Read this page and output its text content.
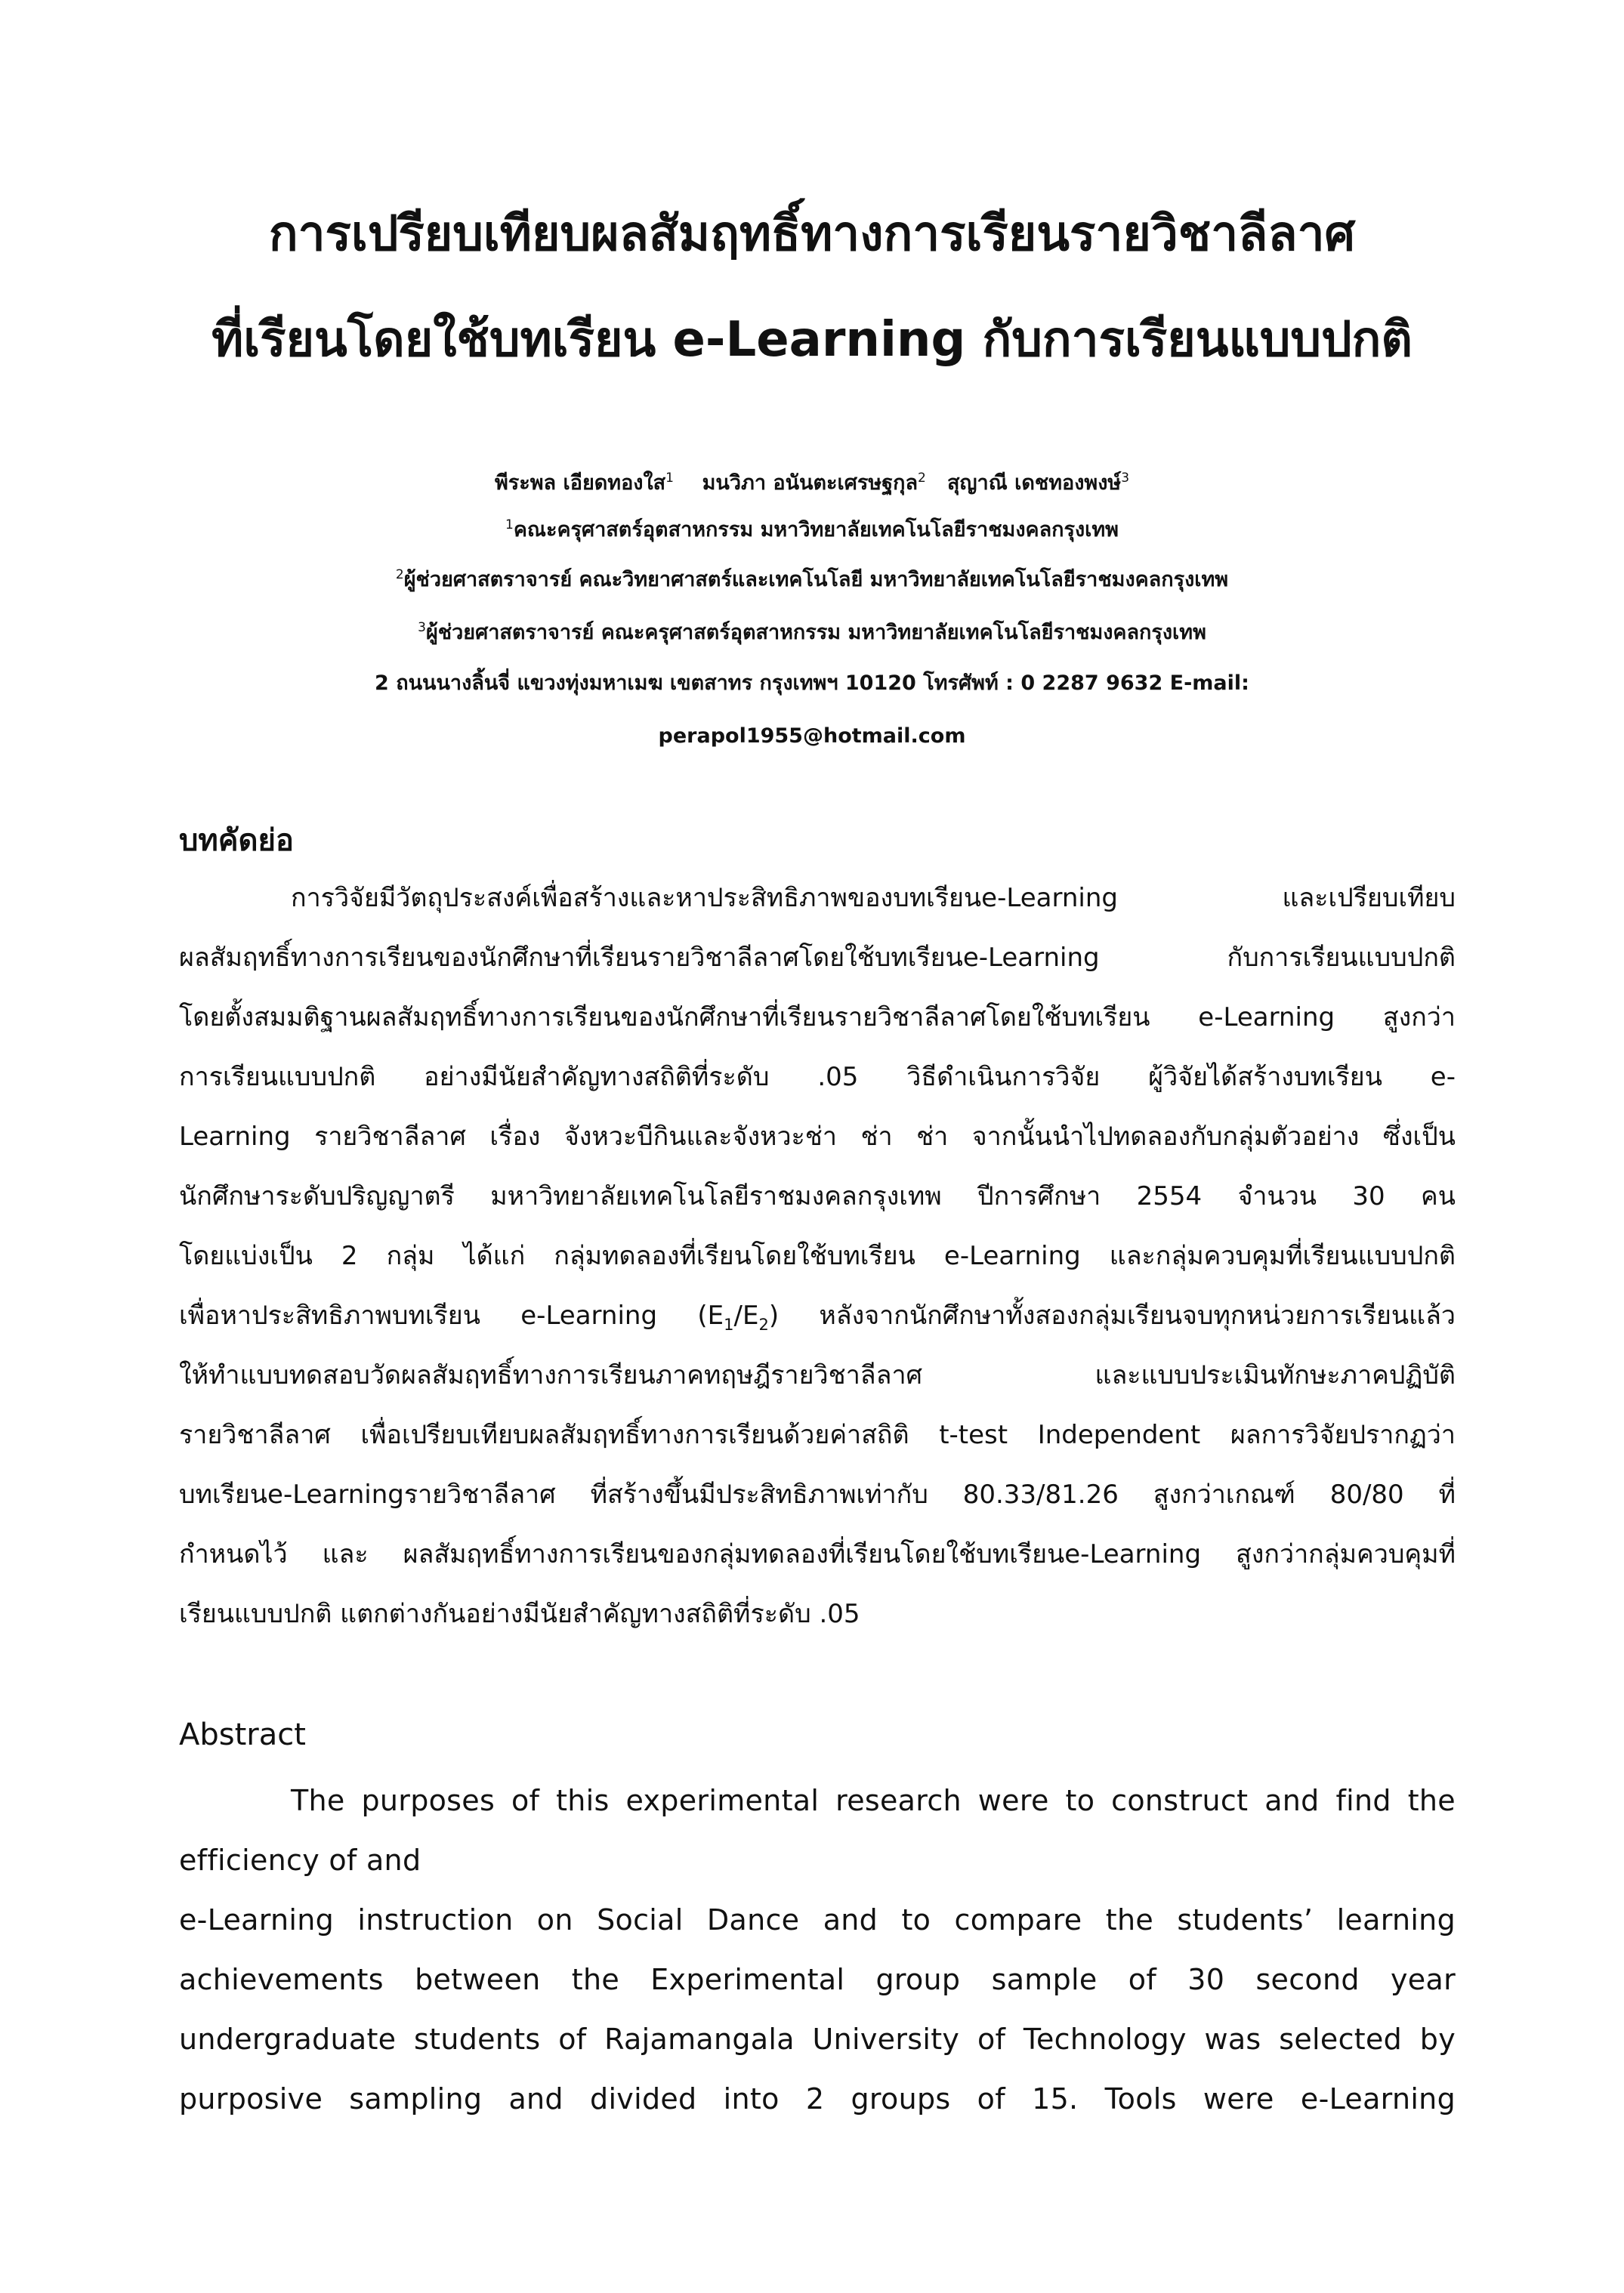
การเปรียบเทียบผลสัมฤทธิ์ทางการเรียนรายวิชาลีลาศ
ที่เรียนโดยใช้บทเรียน e-Learning กับการเรียนแบบปกติ
พีระพล เอียดทองใส$^1$ มนวิภา อนันตะเศรษฐกุล$^2$ สุญาณี เดชทองพงษ์$^3$
$^1$คณะครุศาสตร์อุตสาหกรรม มหาวิทยาลัยเทคโนโลยีราชมงคลกรุงเทพ
$^2$ผู้ช่วยศาสตราจารย์ คณะวิทยาศาสตร์และเทคโนโลยี มหาวิทยาลัยเทคโนโลยีราชมงคลกรุงเทพ
$^3$ผู้ช่วยศาสตราจารย์ คณะครุศาสตร์อุตสาหกรรม มหาวิทยาลัยเทคโนโลยีราชมงคลกรุงเทพ
2 ถนนนางลิ้นจี่ แขวงทุ่งมหาเมฆ เขตสาทร กรุงเทพฯ 10120 โทรศัพท์ : 0 2287 9632 E-mail:
perapol1955@hotmail.com
บทคัดย่อ
การวิจัยมีวัตถุประสงค์เพื่อสร้างและหาประสิทธิภาพของบทเรียนe-Learning และเปรียบเทียบ
ผลสัมฤทธิ์ทางการเรียนของนักศึกษาที่เรียนรายวิชาลีลาศโดยใช้บทเรียนe-Learning กับการเรียนแบบปกติ
โดยตั้งสมมติฐานผลสัมฤทธิ์ทางการเรียนของนักศึกษาที่เรียนรายวิชาลีลาศโดยใช้บทเรียน e-Learning สูงกว่า
การเรียนแบบปกติ อย่างมีนัยสำคัญทางสถิติที่ระดับ .05 วิธีดำเนินการวิจัย ผู้วิจัยได้สร้างบทเรียน e-
Learning รายวิชาลีลาศ เรื่อง จังหวะบีกินและจังหวะช่า ช่า ช่า จากนั้นนำไปทดลองกับกลุ่มตัวอย่าง ซึ่งเป็น
นักศึกษาระดับปริญญาตรี มหาวิทยาลัยเทคโนโลยีราชมงคลกรุงเทพ ปีการศึกษา 2554 จำนวน 30 คน
โดยแบ่งเป็น 2 กลุ่ม ได้แก่ กลุ่มทดลองที่เรียนโดยใช้บทเรียน e-Learning และกลุ่มควบคุมที่เรียนแบบปกติ
เพื่อหาประสิทธิภาพบทเรียน e-Learning $(E_1/E_2)$ หลังจากนักศึกษาทั้งสองกลุ่มเรียนจบทุกหน่วยการเรียนแล้ว
ให้ทำแบบทดสอบวัดผลสัมฤทธิ์ทางการเรียนภาคทฤษฎีรายวิชาลีลาศ และแบบประเมินทักษะภาคปฏิบัติ
รายวิชาลีลาศ เพื่อเปรียบเทียบผลสัมฤทธิ์ทางการเรียนด้วยค่าสถิติ t-test Independent ผลการวิจัยปรากฏว่า
บทเรียนe-Learningรายวิชาลีลาศ ที่สร้างขึ้นมีประสิทธิภาพเท่ากับ 80.33/81.26 สูงกว่าเกณฑ์ 80/80 ที่
กำหนดไว้ และ ผลสัมฤทธิ์ทางการเรียนของกลุ่มทดลองที่เรียนโดยใช้บทเรียนe-Learning สูงกว่ากลุ่มควบคุมที่
เรียนแบบปกติ แตกต่างกันอย่างมีนัยสำคัญทางสถิติที่ระดับ .05
Abstract
The purposes of this experimental research were to construct and find the
efficiency of and
e-Learning instruction on Social Dance and to compare the students’ learning
achievements between the Experimental group sample of 30 second year
undergraduate students of Rajamangala University of Technology was selected by
purposive sampling and divided into 2 groups of 15. Tools were e-Learning
